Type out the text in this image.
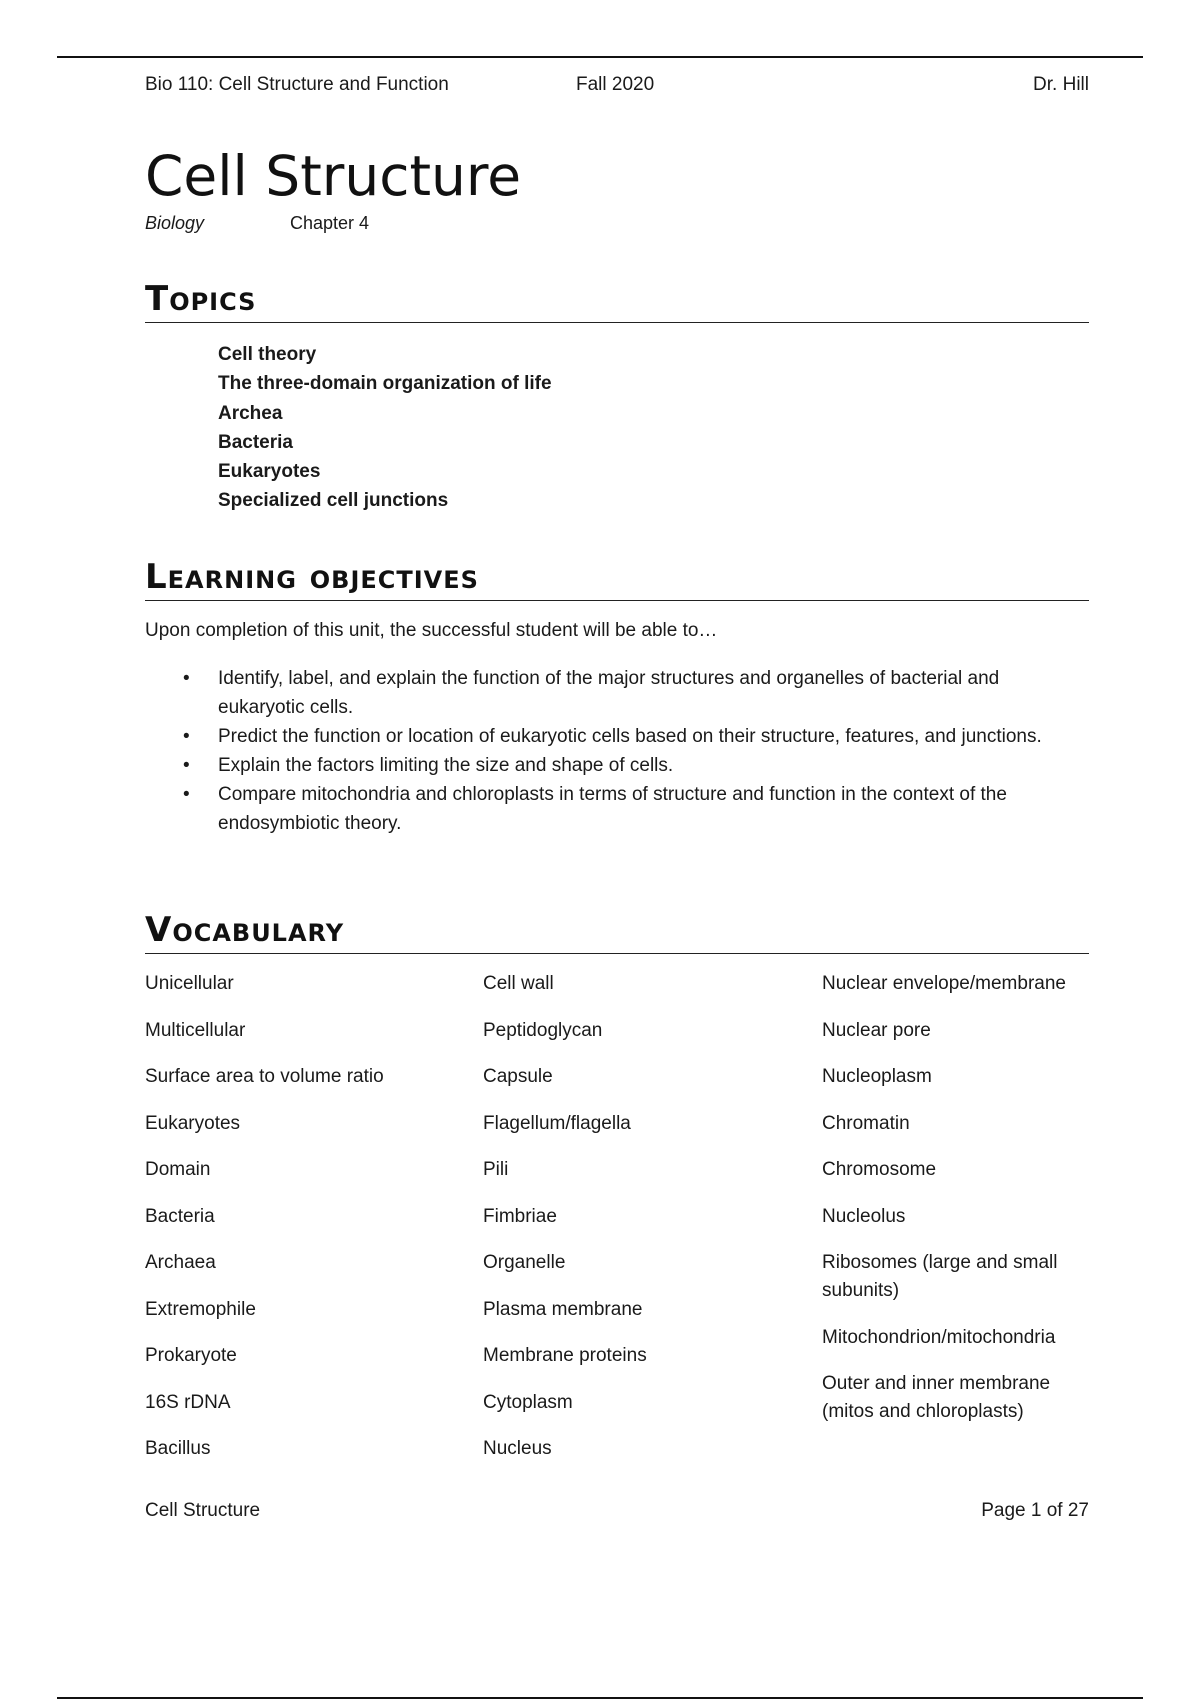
Bio 110: Cell Structure and Function	Fall 2020	Dr. Hill
Cell Structure
Biology	Chapter 4
Topics
Cell theory
The three-domain organization of life
Archea
Bacteria
Eukaryotes
Specialized cell junctions
Learning objectives
Upon completion of this unit, the successful student will be able to…
• Identify, label, and explain the function of the major structures and organelles of bacterial and eukaryotic cells.
• Predict the function or location of eukaryotic cells based on their structure, features, and junctions.
• Explain the factors limiting the size and shape of cells.
• Compare mitochondria and chloroplasts in terms of structure and function in the context of the endosymbiotic theory.
Vocabulary
Unicellular
Multicellular
Surface area to volume ratio
Eukaryotes
Domain
Bacteria
Archaea
Extremophile
Prokaryote
16S rDNA
Bacillus
Cell wall
Peptidoglycan
Capsule
Flagellum/flagella
Pili
Fimbriae
Organelle
Plasma membrane
Membrane proteins
Cytoplasm
Nucleus
Nuclear envelope/membrane
Nuclear pore
Nucleoplasm
Chromatin
Chromosome
Nucleolus
Ribosomes (large and small subunits)
Mitochondrion/mitochondria
Outer and inner membrane (mitos and chloroplasts)
Cell Structure	Page 1 of 27
